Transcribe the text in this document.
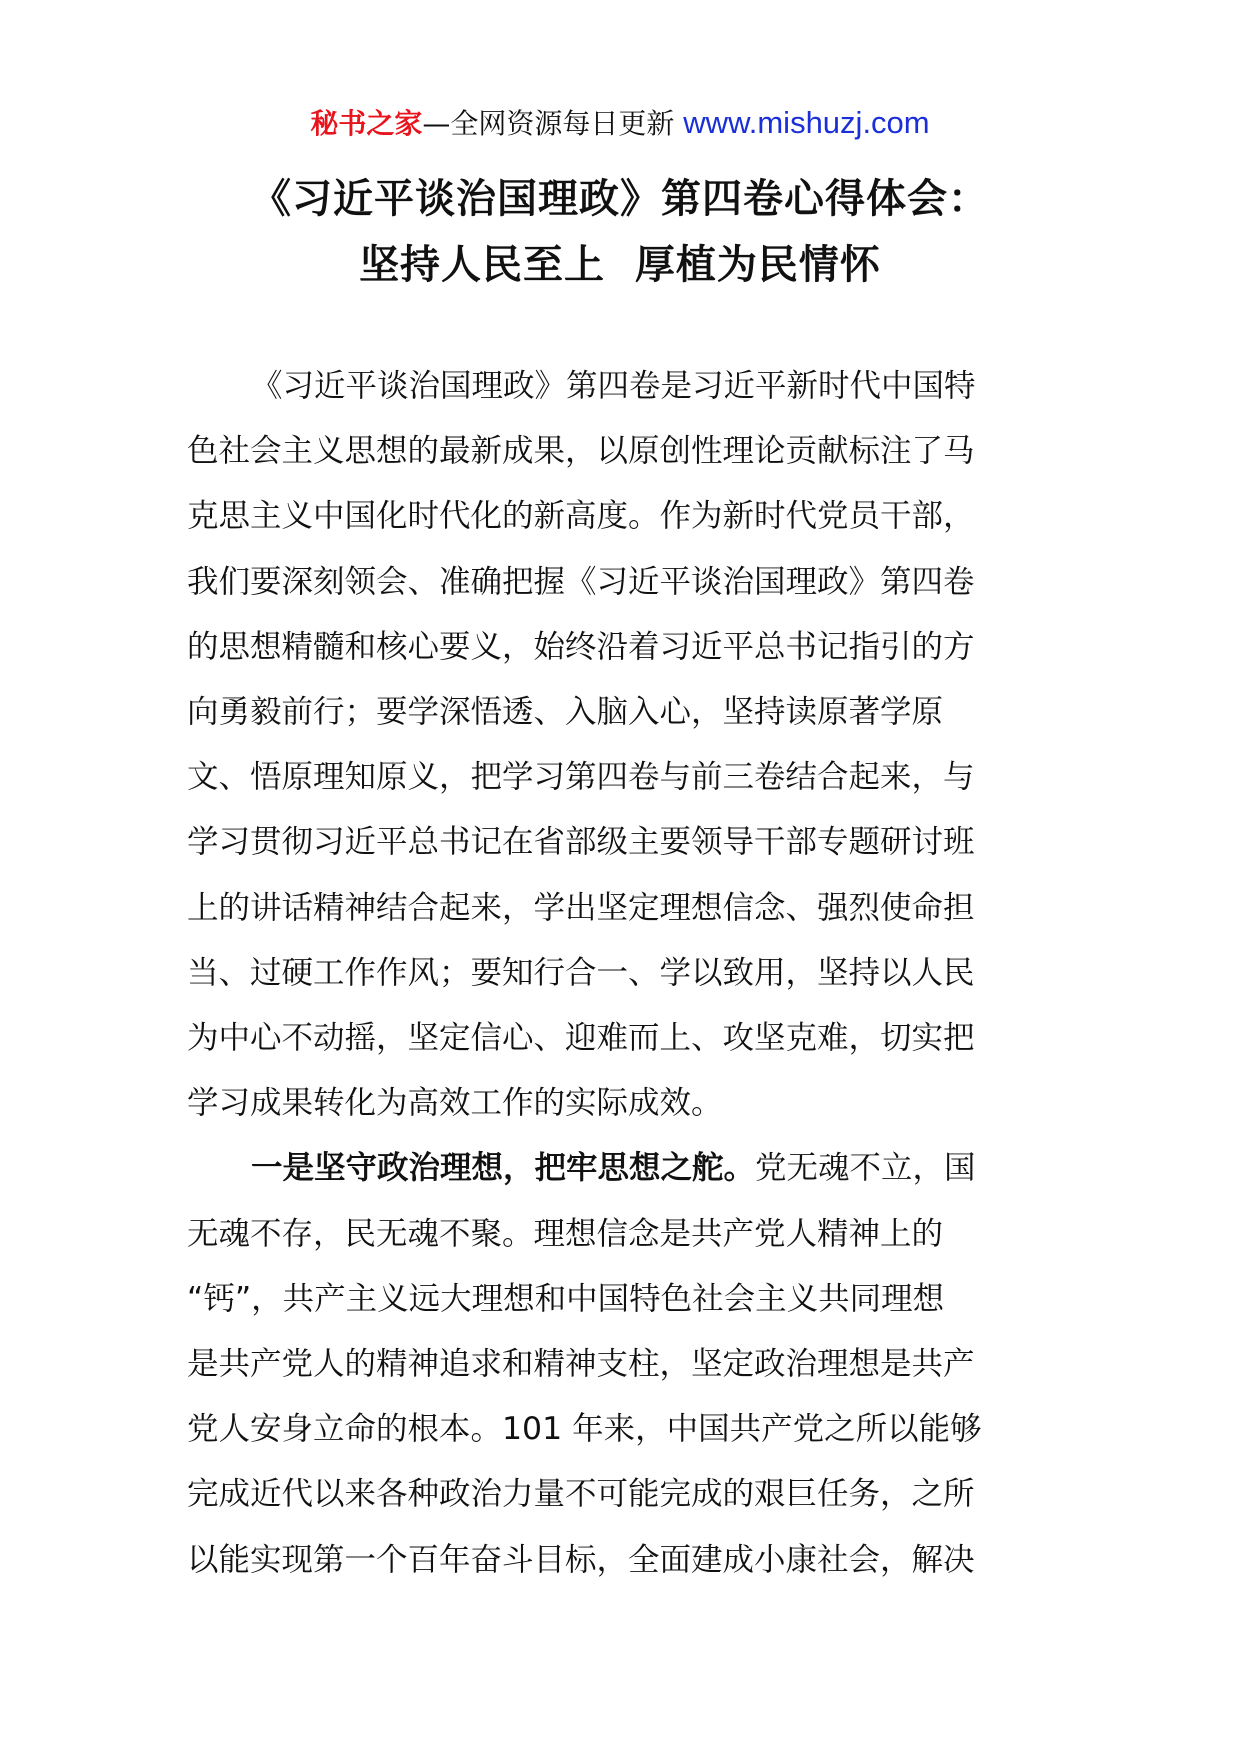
秘书之家—全网资源每日更新 www.mishuzj.com
《习近平谈治国理政》第四卷心得体会：
坚持人民至上  厚植为民情怀
《习近平谈治国理政》第四卷是习近平新时代中国特
色社会主义思想的最新成果，以原创性理论贡献标注了马
克思主义中国化时代化的新高度。作为新时代党员干部，
我们要深刻领会、准确把握《习近平谈治国理政》第四卷
的思想精髓和核心要义，始终沿着习近平总书记指引的方
向勇毅前行；要学深悟透、入脑入心，坚持读原著学原
文、悟原理知原义，把学习第四卷与前三卷结合起来，与
学习贯彻习近平总书记在省部级主要领导干部专题研讨班
上的讲话精神结合起来，学出坚定理想信念、强烈使命担
当、过硬工作作风；要知行合一、学以致用，坚持以人民
为中心不动摇，坚定信心、迎难而上、攻坚克难，切实把
学习成果转化为高效工作的实际成效。
一是坚守政治理想，把牢思想之舵。党无魂不立，国
无魂不存，民无魂不聚。理想信念是共产党人精神上的
“钙”，共产主义远大理想和中国特色社会主义共同理想
是共产党人的精神追求和精神支柱，坚定政治理想是共产
党人安身立命的根本。101 年来，中国共产党之所以能够
完成近代以来各种政治力量不可能完成的艰巨任务，之所
以能实现第一个百年奋斗目标，全面建成小康社会，解决
